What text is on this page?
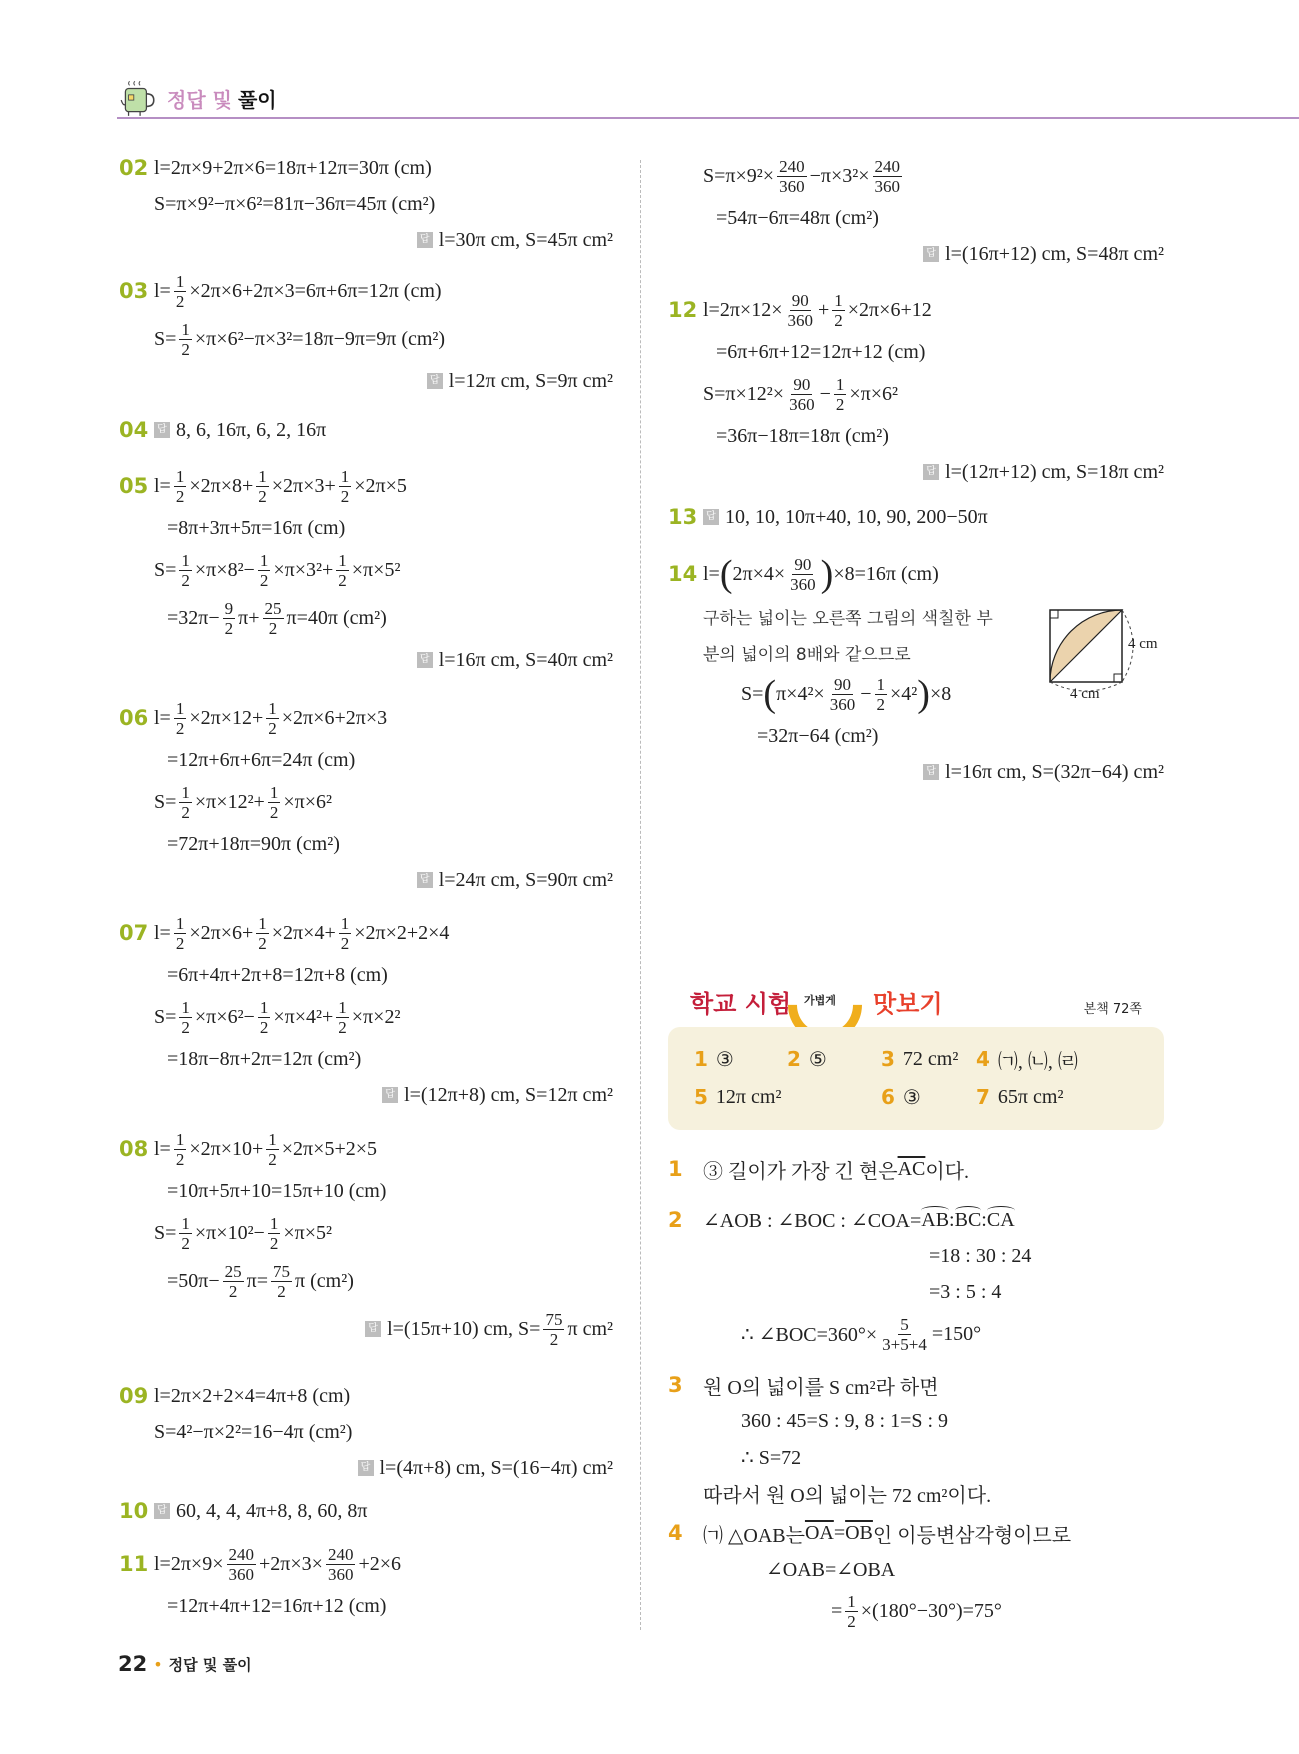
정답 및 풀이
02 l=2π×9+2π×6=18π+12π=30π (cm)
S=π×9²−π×6²=81π−36π=45π (cm²)
답 l=30π cm, S=45π cm²
03 $l= \frac{1}{2} \times 2\pi\times 6+2\pi\times 3=6\pi+6\pi=12\pi$ (cm)
$S= \frac{1}{2} \times\pi\times 6^2-\pi\times 3^2=18\pi-9\pi=9\pi$ (cm²)
답 l=12π cm, S=9π cm²
04 답 8, 6, 16π, 6, 2, 16π
05 $l= \frac{1}{2} \times 2\pi\times 8+ \frac{1}{2} \times 2\pi\times 3+ \frac{1}{2} \times 2\pi\times 5$
=8π+3π+5π=16π (cm)
$S= \frac{1}{2} \times\pi\times 8^2- \frac{1}{2} \times\pi\times 3^2+ \frac{1}{2} \times\pi\times 5^2$
$=32\pi- \frac{9}{2} \pi+ \frac{25}{2} \pi=40\pi$ (cm²)
답 l=16π cm, S=40π cm²
06 $l= \frac{1}{2} \times 2\pi\times 12+ \frac{1}{2} \times 2\pi\times 6+2\pi\times 3$
=12π+6π+6π=24π (cm)
$S= \frac{1}{2} \times\pi\times 12^2+ \frac{1}{2} \times\pi\times 6^2$
=72π+18π=90π (cm²)
답 l=24π cm, S=90π cm²
07 $l= \frac{1}{2} \times 2\pi\times 6+ \frac{1}{2} \times 2\pi\times 4+ \frac{1}{2} \times 2\pi\times 2+2\times 4$
=6π+4π+2π+8=12π+8 (cm)
$S= \frac{1}{2} \times\pi\times 6^2- \frac{1}{2} \times\pi\times 4^2+ \frac{1}{2} \times\pi\times 2^2$
=18π−8π+2π=12π (cm²)
답 l=(12π+8) cm, S=12π cm²
08 $l= \frac{1}{2} \times 2\pi\times 10+ \frac{1}{2} \times 2\pi\times 5+2\times 5$
=10π+5π+10=15π+10 (cm)
$S= \frac{1}{2} \times\pi\times 10^2- \frac{1}{2} \times\pi\times 5^2$
$=50\pi- \frac{25}{2} \pi= \frac{75}{2}$ π (cm²)
답 l=(15π+10) cm, $S= \frac{75}{2}$ π cm²
09 l=2π×2+2×4=4π+8 (cm)
S=4²−π×2²=16−4π (cm²)
답 l=(4π+8) cm, S=(16−4π) cm²
10 답 60, 4, 4, 4π+8, 8, 60, 8π
11 $l=2\pi\times 9\times \frac{240}{360} +2\pi\times 3\times \frac{240}{360} +2\times 6$
=12π+4π+12=16π+12 (cm)
$S=\pi\times 9^2\times \frac{240}{360} -\pi\times 3^2\times \frac{240}{360}$
=54π−6π=48π (cm²)
답 l=(16π+12) cm, S=48π cm²
12 $l=2\pi\times 12\times \frac{90}{360} + \frac{1}{2} \times 2\pi\times 6+12$
=6π+6π+12=12π+12 (cm)
$S=\pi\times 12^2\times \frac{90}{360} - \frac{1}{2} \times\pi\times 6^2$
=36π−18π=18π (cm²)
답 l=(12π+12) cm, S=18π cm²
13 답 10, 10, 10π+40, 10, 90, 200−50π
14 l= ( $2\pi\times 4\times \frac{90}{360}$ ) ×8=16π (cm)
구하는 넓이는 오른쪽 그림의 색칠한 부
분의 넓이의 8배와 같으므로
S= ( $\pi\times 4^2\times \frac{90}{360} - \frac{1}{2} \times 4^2$ ) ×8
=32π−64 (cm²)
답 l=16π cm, S=(32π−64) cm²
1 ③ 길이가 가장 긴 현은 $\overline{AC}$ 이다.
2 ∠AOB : ∠BOC : ∠COA= AB : BC : CA
=18 : 30 : 24
=3 : 5 : 4
∴ ∠BOC=360°× $\frac{5}{3+5+4} =150^\circ$
3 원 O의 넓이를 S cm²라 하면
360 : 45=S : 9, 8 : 1=S : 9
∴ S=72
따라서 원 O의 넓이는 72 cm²이다.
4 ㈀ △OAB는 $\overline{OA} = \overline{OB}$ 인 이등변삼각형이므로
∠OAB=∠OBA
= $\frac{1}{2} \times(180^\circ-30^\circ)=75^\circ$
4 cm
4 cm
학교 시험 가볍게 맛보기	본책 72쪽
22 • 정답 및 풀이
1 ③	2 ⑤	3 72 cm² 4 ㈀, ㈁, ㈃
5 12π cm²	6 ③	7 65π cm²
